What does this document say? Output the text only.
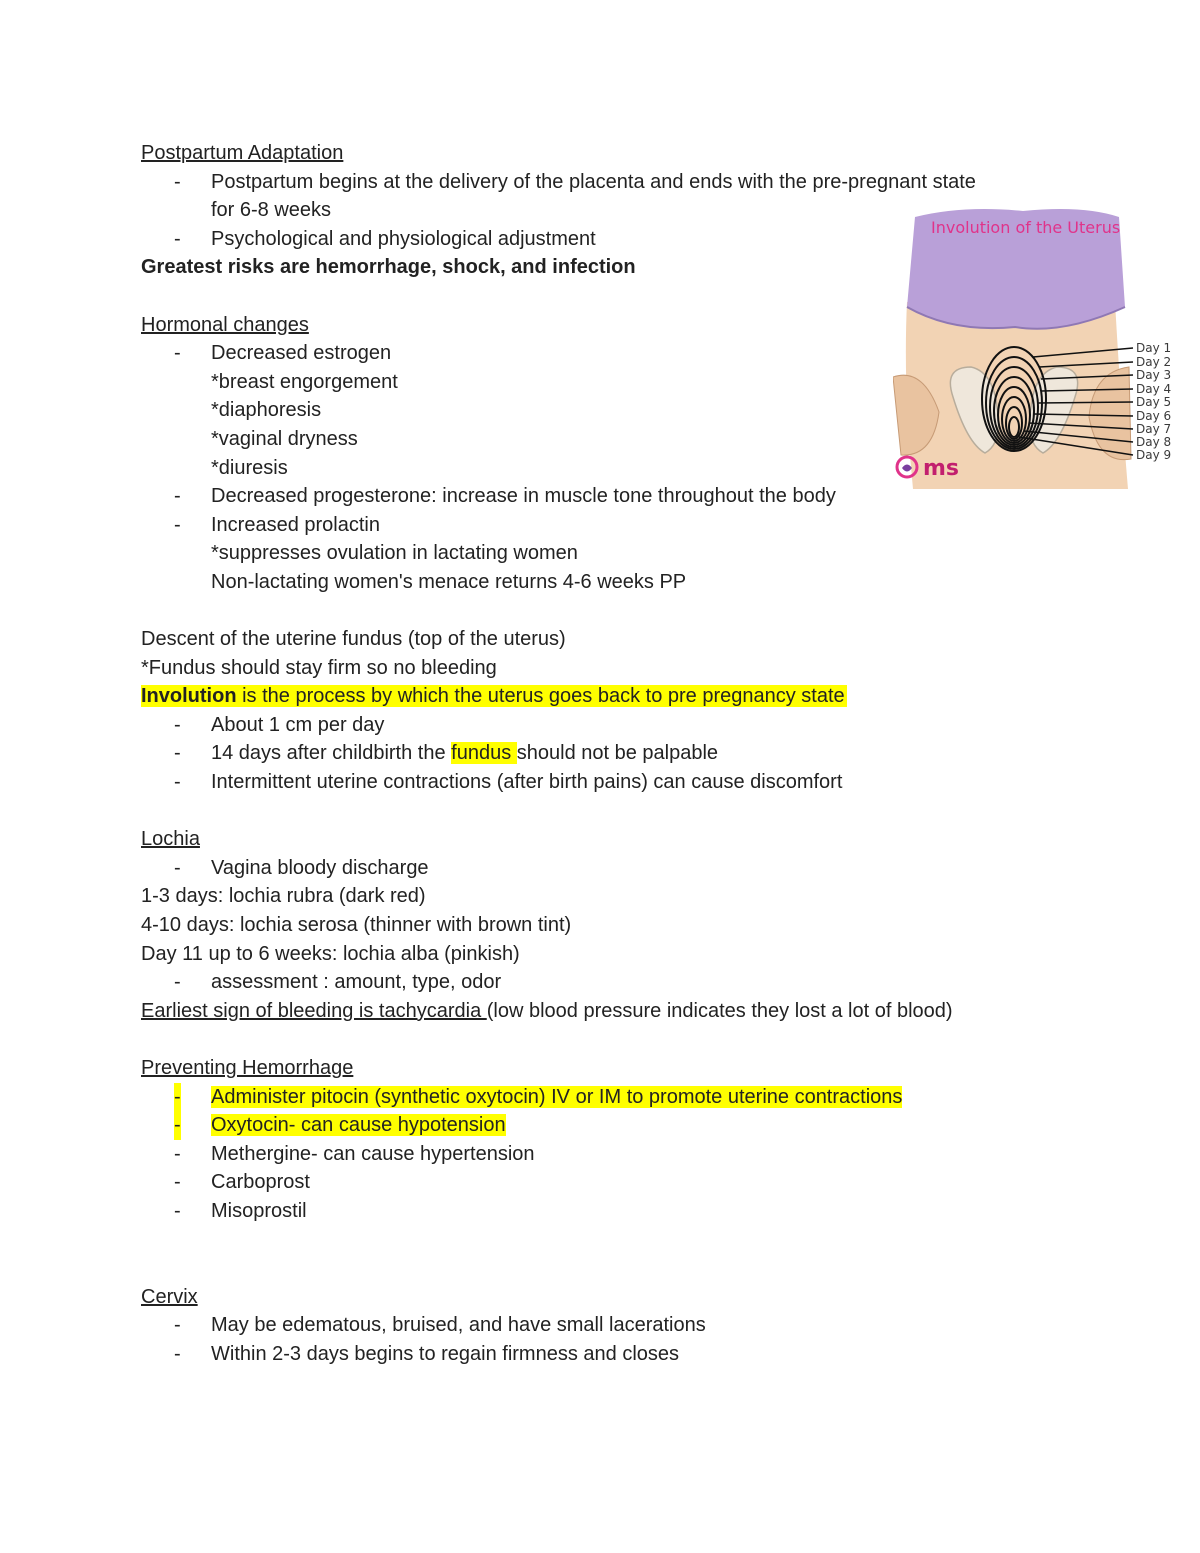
Postpartum Adaptation
- Postpartum begins at the delivery of the placenta and ends with the pre-pregnant state
for 6-8 weeks
- Psychological and physiological adjustment
Greatest risks are hemorrhage, shock, and infection
Hormonal changes
- Decreased estrogen
*breast engorgement
*diaphoresis
*vaginal dryness
*diuresis
- Decreased progesterone: increase in muscle tone throughout the body
- Increased prolactin
*suppresses ovulation in lactating women
Non-lactating women's menace returns 4-6 weeks PP
Descent of the uterine fundus (top of the uterus)
*Fundus should stay firm so no bleeding
Involution is the process by which the uterus goes back to pre pregnancy state
- About 1 cm per day
- 14 days after childbirth the fundus should not be palpable
- Intermittent uterine contractions (after birth pains) can cause discomfort
Lochia
- Vagina bloody discharge
1-3 days: lochia rubra (dark red)
4-10 days: lochia serosa (thinner with brown tint)
Day 11 up to 6 weeks: lochia alba (pinkish)
- assessment : amount, type, odor
Earliest sign of bleeding is tachycardia (low blood pressure indicates they lost a lot of blood)
Preventing Hemorrhage
- Administer pitocin (synthetic oxytocin) IV or IM to promote uterine contractions
- Oxytocin- can cause hypotension
- Methergine- can cause hypertension
- Carboprost
- Misoprostil
Cervix
- May be edematous, bruised, and have small lacerations
- Within 2-3 days begins to regain firmness and closes
Involution of the Uterus
Day 1
Day 2
Day 3
Day 4
Day 5
Day 6
Day 7
Day 8
Day 9
ms
